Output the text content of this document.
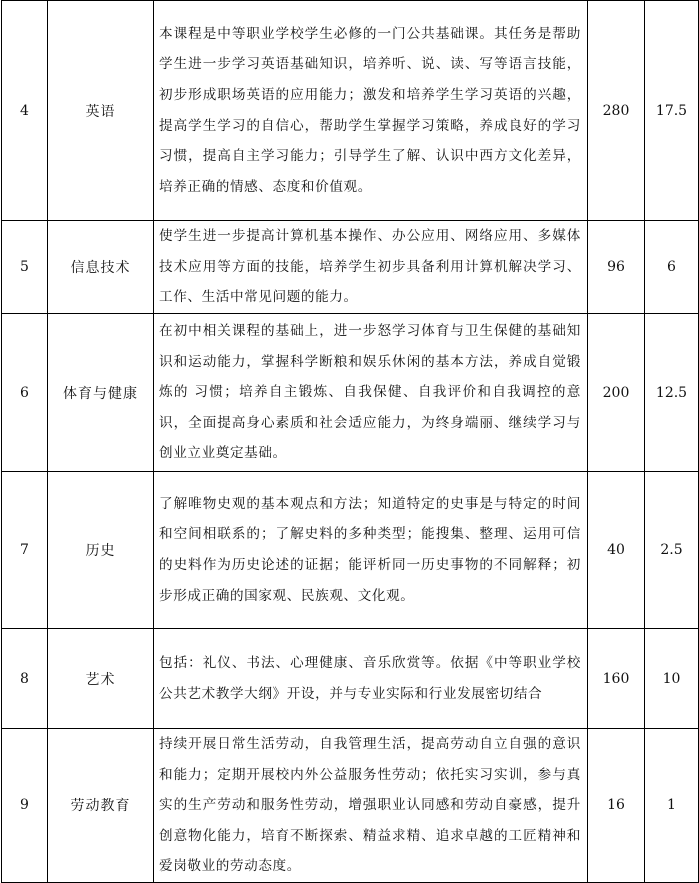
4	英语	本课程是中等职业学校学生必修的一门公共基础课。其任务是帮助学生进一步学习英语基础知识，培养听、说、读、写等语言技能，初步形成职场英语的应用能力；激发和培养学生学习英语的兴趣，提高学生学习的自信心，帮助学生掌握学习策略，养成良好的学习习惯，提高自主学习能力；引导学生了解、认识中西方文化差异，培养正确的情感、态度和价值观。	280	17.5
5	信息技术	使学生进一步提高计算机基本操作、办公应用、网络应用、多媒体技术应用等方面的技能，培养学生初步具备利用计算机解决学习、工作、生活中常见问题的能力。	96	6
6	体育与健康	在初中相关课程的基础上，进一步怒学习体育与卫生保健的基础知识和运动能力，掌握科学断粮和娱乐休闲的基本方法，养成自觉锻炼的 习惯；培养自主锻炼、自我保健、自我评价和自我调控的意识，全面提高身心素质和社会适应能力，为终身端丽、继续学习与创业立业奠定基础。	200	12.5
7	历史	了解唯物史观的基本观点和方法；知道特定的史事是与特定的时间和空间相联系的；了解史料的多种类型；能搜集、整理、运用可信的史料作为历史论述的证据；能评析同一历史事物的不同解释；初步形成正确的国家观、民族观、文化观。	40	2.5
8	艺术	包括：礼仪、书法、心理健康、音乐欣赏等。依据《中等职业学校公共艺术教学大纲》开设，并与专业实际和行业发展密切结合	160	10
9	劳动教育	持续开展日常生活劳动，自我管理生活，提高劳动自立自强的意识和能力；定期开展校内外公益服务性劳动；依托实习实训，参与真实的生产劳动和服务性劳动，增强职业认同感和劳动自豪感，提升创意物化能力，培育不断探索、精益求精、追求卓越的工匠精神和爱岗敬业的劳动态度。	16	1
